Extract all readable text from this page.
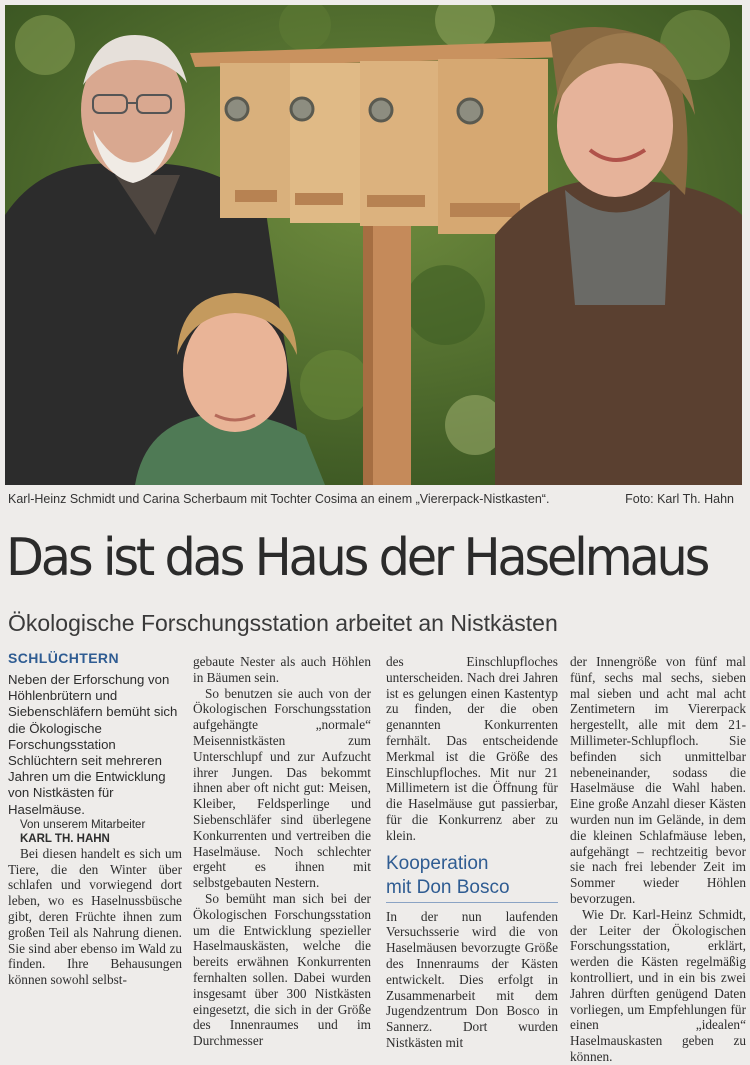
Karl-Heinz Schmidt und Carina Scherbaum mit Tochter Cosima an einem „Viererpack-Nistkasten“.	Foto: Karl Th. Hahn
Das ist das Haus der Haselmaus
Ökologische Forschungsstation arbeitet an Nistkästen
SCHLÜCHTERN

Neben der Erforschung von Höhlenbrütern und Siebenschläfern bemüht sich die Ökologische Forschungsstation Schlüchtern seit mehreren Jahren um die Entwicklung von Nistkästen für Haselmäuse.

Von unserem Mitarbeiter
KARL TH. HAHN

Bei diesen handelt es sich um Tiere, die den Winter über schlafen und vorwiegend dort leben, wo es Haselnussbüsche gibt, deren Früchte ihnen zum großen Teil als Nahrung dienen. Sie sind aber ebenso im Wald zu finden. Ihre Behausungen können sowohl selbst-

gebaute Nester als auch Höhlen in Bäumen sein.

So benutzen sie auch von der Ökologischen Forschungsstation aufgehängte „normale“ Meisennistkästen zum Unterschlupf und zur Aufzucht ihrer Jungen. Das bekommt ihnen aber oft nicht gut: Meisen, Kleiber, Feldsperlinge und Siebenschläfer sind überlegene Konkurrenten und vertreiben die Haselmäuse. Noch schlechter ergeht es ihnen mit selbstgebauten Nestern.

So bemüht man sich bei der Ökologischen Forschungsstation um die Entwicklung spezieller Haselmauskästen, welche die bereits erwähnen Konkurrenten fernhalten sollen. Dabei wurden insgesamt über 300 Nistkästen eingesetzt, die sich in der Größe des Innenraumes und im Durchmesser

des Einschlupfloches unterscheiden. Nach drei Jahren ist es gelungen einen Kastentyp zu finden, der die oben genannten Konkurrenten fernhält. Das entscheidende Merkmal ist die Größe des Einschlupfloches. Mit nur 21 Millimetern ist die Öffnung für die Haselmäuse gut passierbar, für die Konkurrenz aber zu klein.

Kooperation
mit Don Bosco

In der nun laufenden Versuchsserie wird die von Haselmäusen bevorzugte Größe des Innenraums der Kästen entwickelt. Dies erfolgt in Zusammenarbeit mit dem Jugendzentrum Don Bosco in Sannerz. Dort wurden Nistkästen mit

der Innengröße von fünf mal fünf, sechs mal sechs, sieben mal sieben und acht mal acht Zentimetern im Viererpack hergestellt, alle mit dem 21-Millimeter-Schlupfloch. Sie befinden sich unmittelbar nebeneinander, sodass die Haselmäuse die Wahl haben. Eine große Anzahl dieser Kästen wurden nun im Gelände, in dem die kleinen Schlafmäuse leben, aufgehängt – rechtzeitig bevor sie nach frei lebender Zeit im Sommer wieder Höhlen bevorzugen.

Wie Dr. Karl-Heinz Schmidt, der Leiter der Ökologischen Forschungsstation, erklärt, werden die Kästen regelmäßig kontrolliert, und in ein bis zwei Jahren dürften genügend Daten vorliegen, um Empfehlungen für einen „idealen“ Haselmauskasten geben zu können.
